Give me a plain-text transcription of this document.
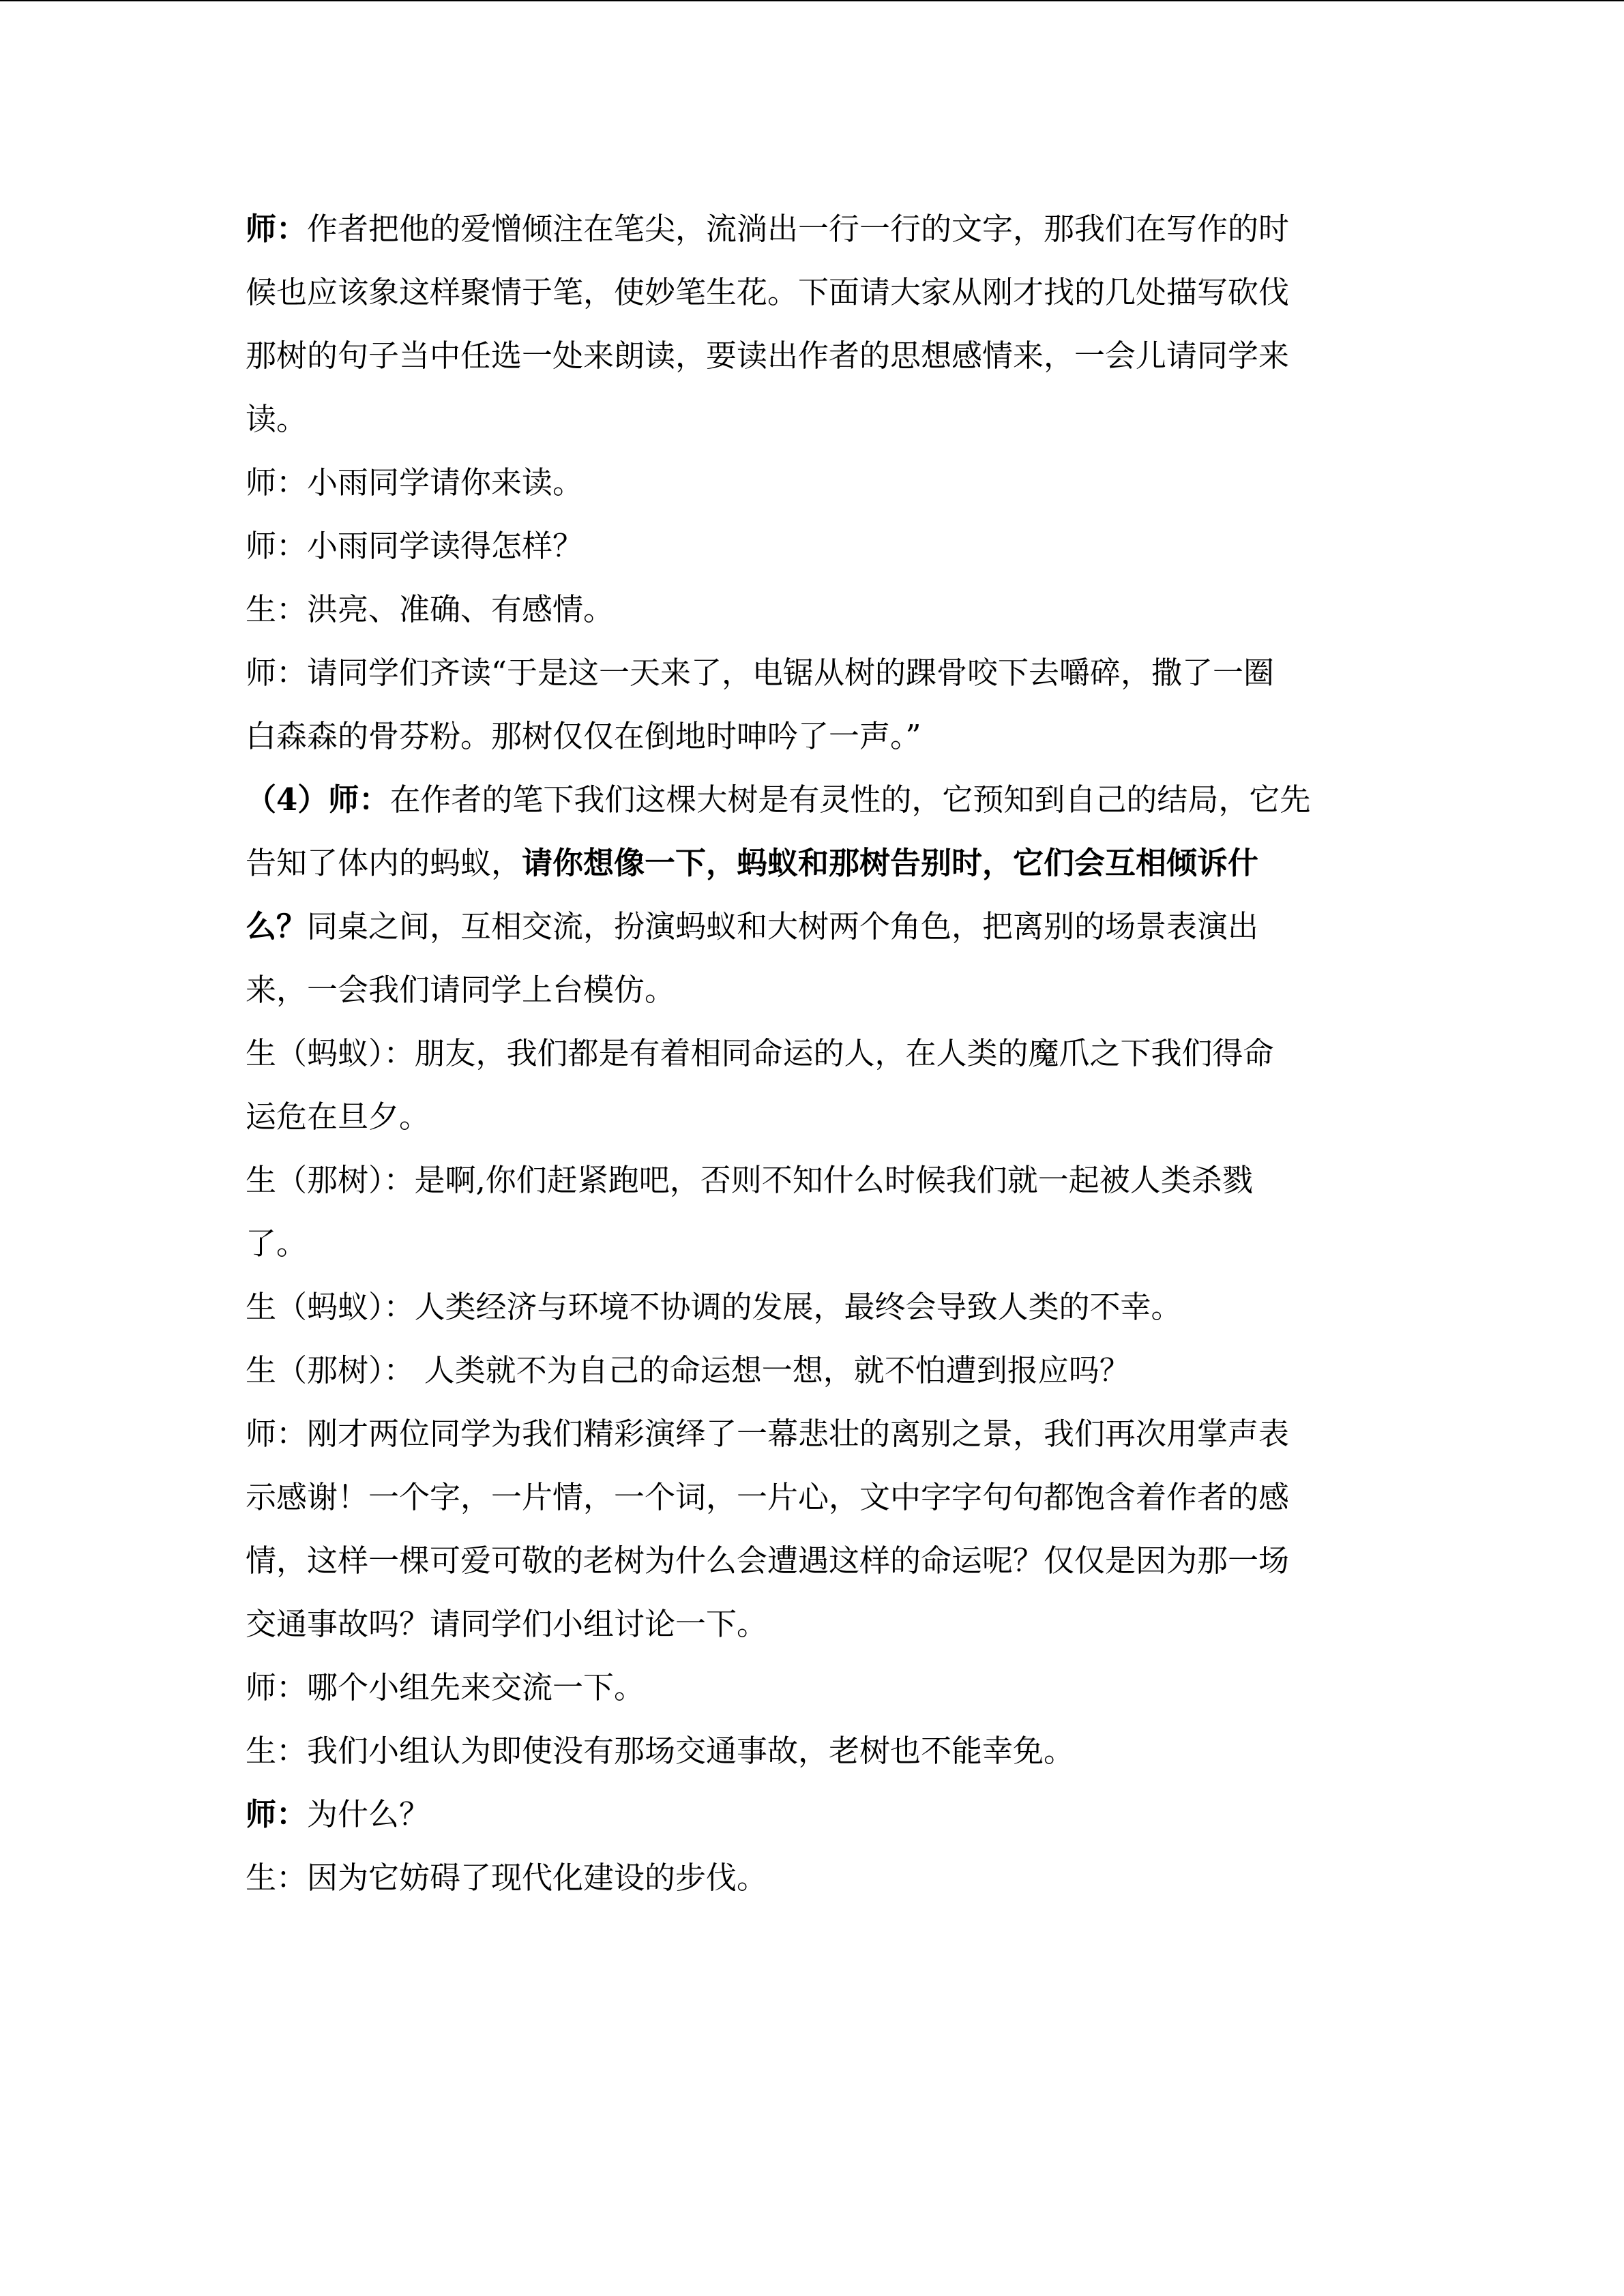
师：作者把他的爱憎倾注在笔尖，流淌出一行一行的文字，那我们在写作的时
候也应该象这样聚情于笔，使妙笔生花。下面请大家从刚才找的几处描写砍伐
那树的句子当中任选一处来朗读，要读出作者的思想感情来，一会儿请同学来
读。
师：小雨同学请你来读。
师：小雨同学读得怎样？
生：洪亮、准确、有感情。
师：请同学们齐读“于是这一天来了，电锯从树的踝骨咬下去嚼碎，撒了一圈
白森森的骨芬粉。那树仅仅在倒地时呻吟了一声。”
（4）师：在作者的笔下我们这棵大树是有灵性的，它预知到自己的结局，它先
告知了体内的蚂蚁，请你想像一下，蚂蚁和那树告别时，它们会互相倾诉什
么？同桌之间，互相交流，扮演蚂蚁和大树两个角色，把离别的场景表演出
来，一会我们请同学上台模仿。
生（蚂蚁）：朋友，我们都是有着相同命运的人，在人类的魔爪之下我们得命
运危在旦夕。
生（那树）：是啊,你们赶紧跑吧，否则不知什么时候我们就一起被人类杀戮
了。
生（蚂蚁）：人类经济与环境不协调的发展，最终会导致人类的不幸。
生（那树）： 人类就不为自己的命运想一想，就不怕遭到报应吗？
师：刚才两位同学为我们精彩演绎了一幕悲壮的离别之景，我们再次用掌声表
示感谢！一个字，一片情，一个词，一片心，文中字字句句都饱含着作者的感
情，这样一棵可爱可敬的老树为什么会遭遇这样的命运呢？仅仅是因为那一场
交通事故吗？请同学们小组讨论一下。
师：哪个小组先来交流一下。
生：我们小组认为即使没有那场交通事故，老树也不能幸免。
师：为什么？
生：因为它妨碍了现代化建设的步伐。
